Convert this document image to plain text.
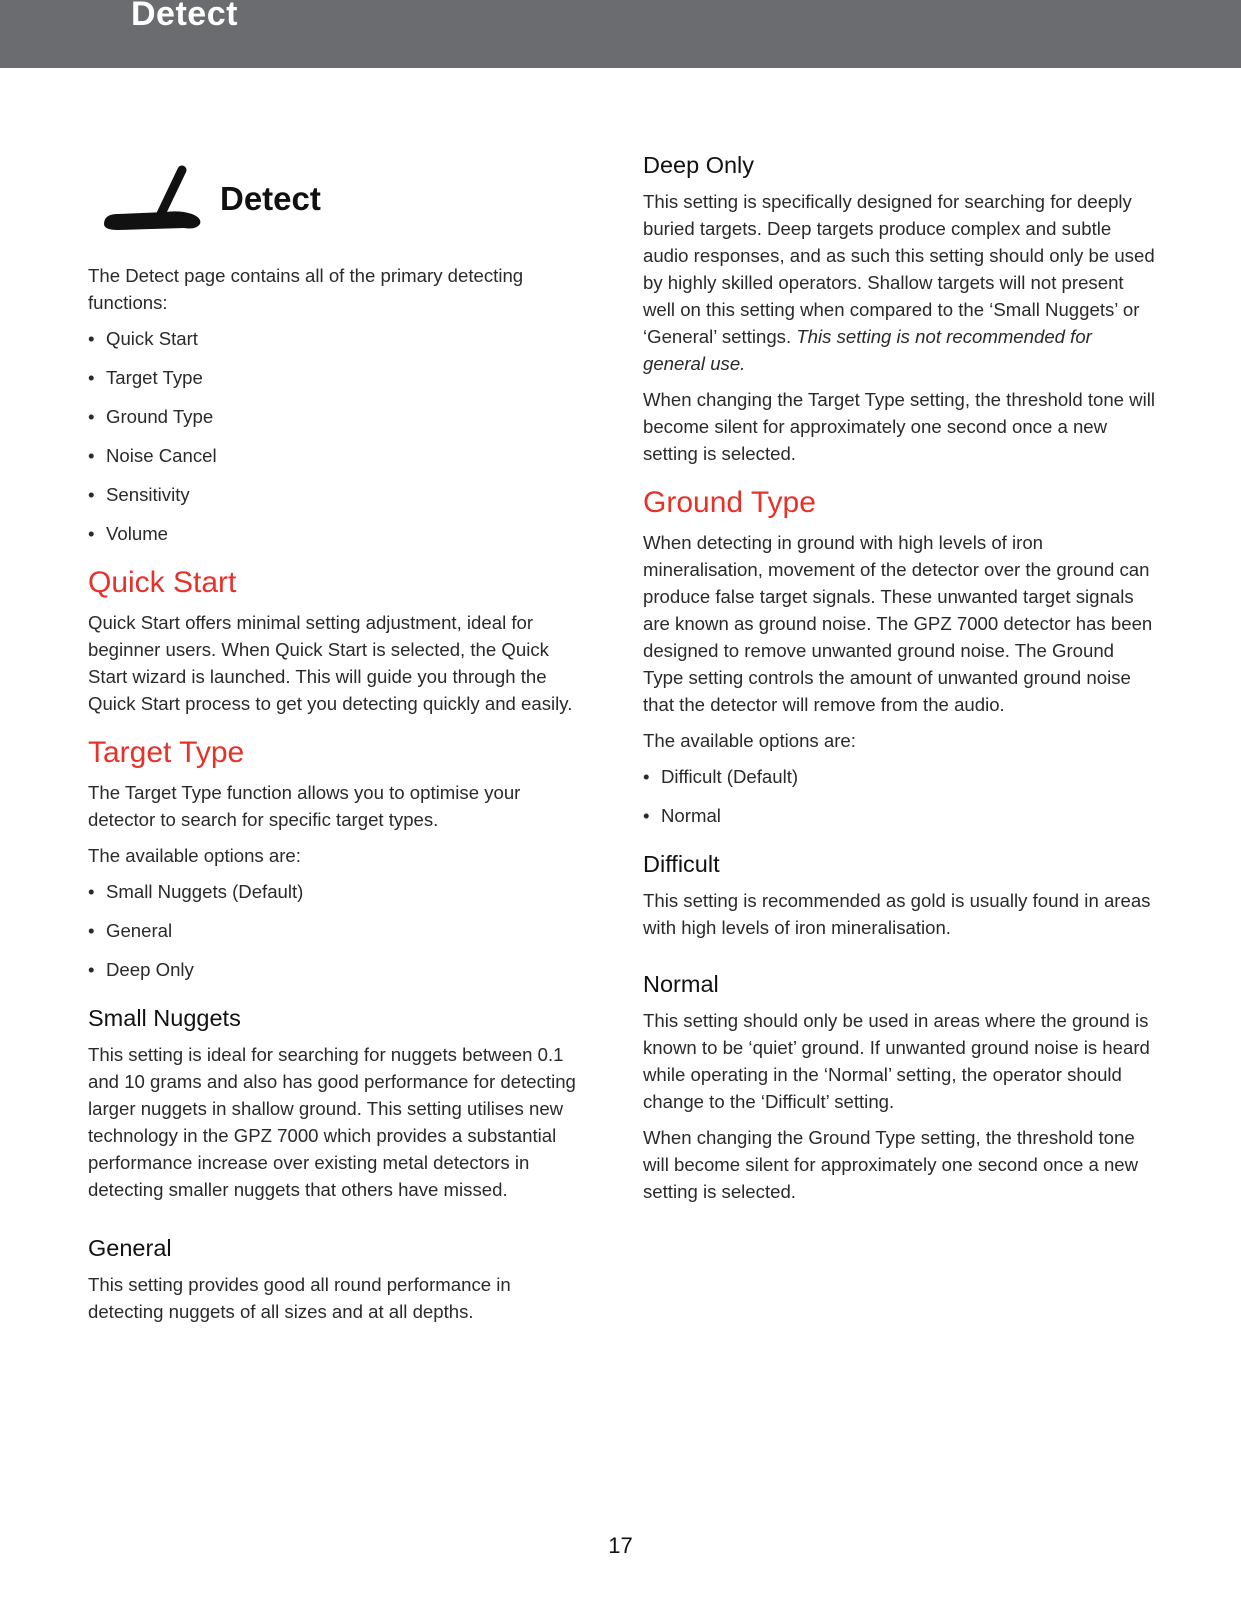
Detect
Detect

The Detect page contains all of the primary detecting functions:

• Quick Start
• Target Type
• Ground Type
• Noise Cancel
• Sensitivity
• Volume
Quick Start

Quick Start offers minimal setting adjustment, ideal for beginner users. When Quick Start is selected, the Quick Start wizard is launched. This will guide you through the Quick Start process to get you detecting quickly and easily.

Target Type

The Target Type function allows you to optimise your detector to search for specific target types.

The available options are:

• Small Nuggets (Default)
• General
• Deep Only
Small Nuggets

This setting is ideal for searching for nuggets between 0.1 and 10 grams and also has good performance for detecting larger nuggets in shallow ground. This setting utilises new technology in the GPZ 7000 which provides a substantial performance increase over existing metal detectors in detecting smaller nuggets that others have missed.

General

This setting provides good all round performance in detecting nuggets of all sizes and at all depths.

Deep Only

This setting is specifically designed for searching for deeply buried targets. Deep targets produce complex and subtle audio responses, and as such this setting should only be used by highly skilled operators. Shallow targets will not present well on this setting when compared to the ‘Small Nuggets’ or ‘General’ settings. This setting is not recommended for general use.

When changing the Target Type setting, the threshold tone will become silent for approximately one second once a new setting is selected.

Ground Type

When detecting in ground with high levels of iron mineralisation, movement of the detector over the ground can produce false target signals. These unwanted target signals are known as ground noise. The GPZ 7000 detector has been designed to remove unwanted ground noise. The Ground Type setting controls the amount of unwanted ground noise that the detector will remove from the audio.

The available options are:

• Difficult (Default)
• Normal
Difficult

This setting is recommended as gold is usually found in areas with high levels of iron mineralisation.

Normal

This setting should only be used in areas where the ground is known to be ‘quiet’ ground. If unwanted ground noise is heard while operating in the ‘Normal’ setting, the operator should change to the ‘Difficult’ setting.

When changing the Ground Type setting, the threshold tone will become silent for approximately one second once a new setting is selected.

17
